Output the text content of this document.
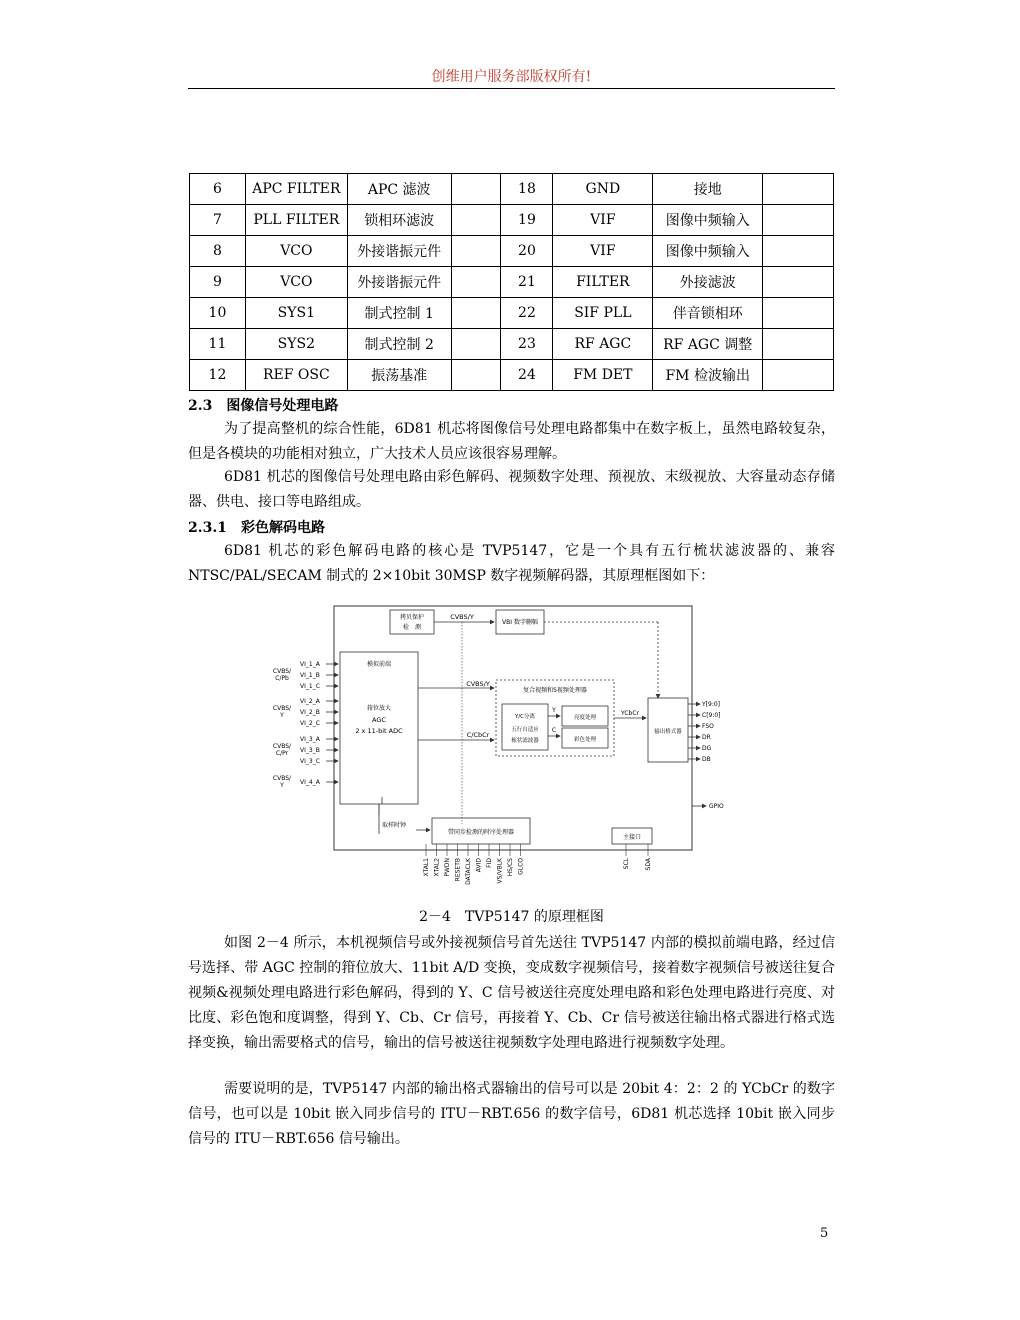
创维用户服务部版权所有!
6	APC FILTER	APC 滤波		18	GND	接地	
7	PLL FILTER	锁相环滤波		19	VIF	图像中频输入	
8	VCO	外接谐振元件		20	VIF	图像中频输入	
9	VCO	外接谐振元件		21	FILTER	外接滤波	
10	SYS1	制式控制 1		22	SIF PLL	伴音锁相环	
11	SYS2	制式控制 2		23	RF AGC	RF AGC 调整	
12	REF OSC	振荡基准		24	FM DET	FM 检波输出	
2.3　图像信号处理电路
为了提高整机的综合性能，6D81 机芯将图像信号处理电路都集中在数字板上，虽然电路较复杂，但是各模块的功能相对独立，广大技术人员应该很容易理解。
6D81 机芯的图像信号处理电路由彩色解码、视频数字处理、预视放、末级视放、大容量动态存储器、供电、接口等电路组成。
2.3.1　彩色解码电路
6D81 机芯的彩色解码电路的核心是 TVP5147，它是一个具有五行梳状滤波器的、兼容 NTSC/PAL/SECAM 制式的 2×10bit 30MSP 数字视频解码器，其原理框图如下：
拷贝保护
检　测
CVBS/Y
VBI 数字删幅
模拟前端
箝位放大
AGC
2 x 11-bit ADC
CVBS/
C/Pb
VI_1_A
VI_1_B
VI_1_C
CVBS/
Y
VI_2_A
VI_2_B
VI_2_C
CVBS/
C/Pr
VI_3_A
VI_3_B
VI_3_C
CVBS/
Y	VI_4_A
CVBS/Y
C/CbCr
复合视频和S视频处理器
Y/C分离
五行自适应
梳状滤波器
Y
C
亮度处理
彩色处理
YCbCr
输出格式器
Y[9:0]
C[9:0]
FSO
DR
DG
DB
GPIO
取样时钟
带同步检测的时序处理器
主接口
XTAL1 XTAL2 PWDN RESETB DATACLK AVID FID VS/VBLK HS/CS GLCO	SCL	SDA
2－4　TVP5147 的原理框图
如图 2－4 所示，本机视频信号或外接视频信号首先送往 TVP5147 内部的模拟前端电路，经过信号选择、带 AGC 控制的箝位放大、11bit A/D 变换，变成数字视频信号，接着数字视频信号被送往复合视频&视频处理电路进行彩色解码，得到的 Y、C 信号被送往亮度处理电路和彩色处理电路进行亮度、对比度、彩色饱和度调整，得到 Y、Cb、Cr 信号，再接着 Y、Cb、Cr 信号被送往输出格式器进行格式选择变换，输出需要格式的信号，输出的信号被送往视频数字处理电路进行视频数字处理。
需要说明的是，TVP5147 内部的输出格式器输出的信号可以是 20bit 4：2：2 的 YCbCr 的数字信号，也可以是 10bit 嵌入同步信号的 ITU－RBT.656 的数字信号，6D81 机芯选择 10bit 嵌入同步信号的 ITU－RBT.656 信号输出。
5
